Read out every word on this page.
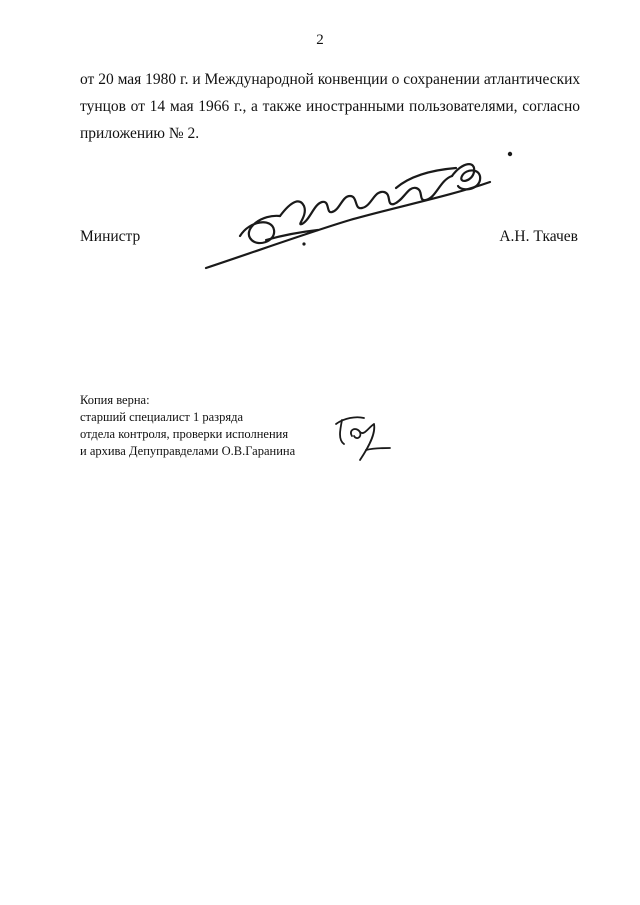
2
от 20 мая 1980 г. и Международной конвенции о сохранении атлантических
тунцов от 14 мая 1966 г., а также иностранными пользователями, согласно
приложению № 2.
Министр	А.Н. Ткачев
Копия верна:
старший специалист 1 разряда
отдела контроля, проверки исполнения
и архива Депуправделами О.В.Гаранина
